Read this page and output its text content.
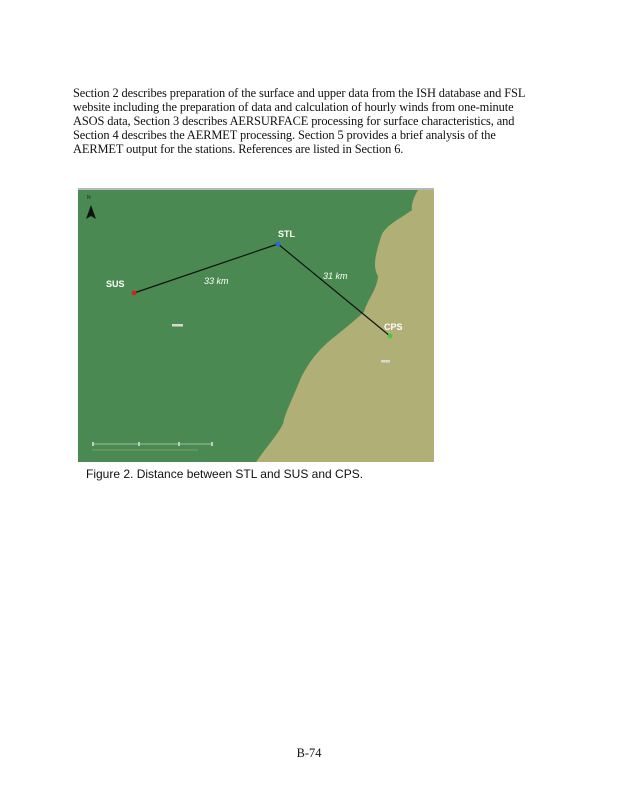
Section 2 describes preparation of the surface and upper data from the ISH database and FSL
website including the preparation of data and calculation of hourly winds from one-minute
ASOS data, Section 3 describes AERSURFACE processing for surface characteristics, and
Section 4 describes the AERMET processing. Section 5 provides a brief analysis of the
AERMET output for the stations. References are listed in Section 6.
N
SUS
STL
CPS
33 km	31 km
Figure 2. Distance between STL and SUS and CPS.
B-74
